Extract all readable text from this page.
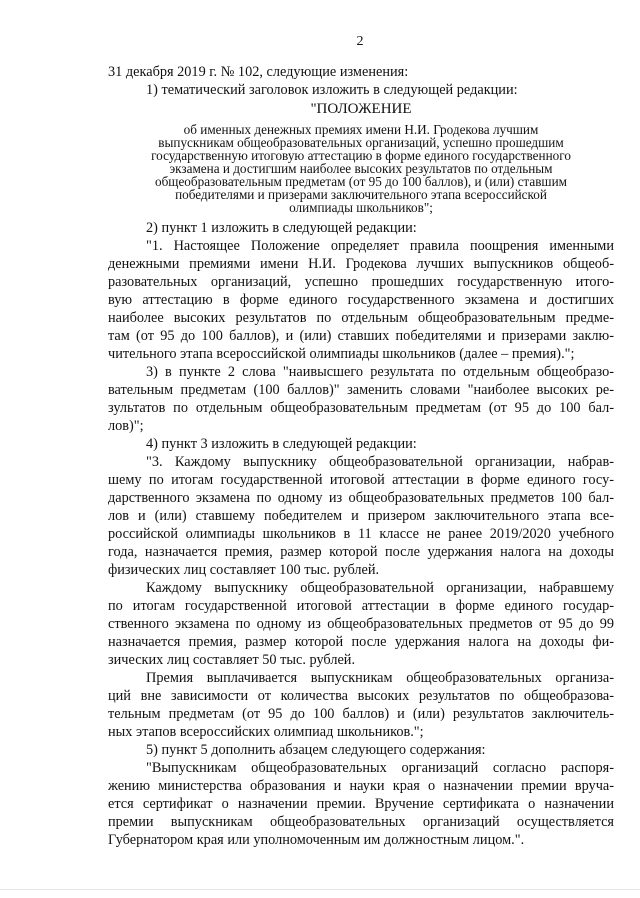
2

31 декабря 2019 г. № 102, следующие изменения:

1) тематический заголовок изложить в следующей редакции:

"ПОЛОЖЕНИЕ

об именных денежных премиях имени Н.И. Гродекова лучшим

выпускникам общеобразовательных организаций, успешно прошедшим

государственную итоговую аттестацию в форме единого государственного

экзамена и достигшим наиболее высоких результатов по отдельным

общеобразовательным предметам (от 95 до 100 баллов), и (или) ставшим

победителями и призерами заключительного этапа всероссийской

олимпиады школьников";

2) пункт 1 изложить в следующей редакции:

"1. Настоящее Положение определяет правила поощрения именными

денежными премиями имени Н.И. Гродекова лучших выпускников общеоб-

разовательных организаций, успешно прошедших государственную итого-

вую аттестацию в форме единого государственного экзамена и достигших

наиболее высоких результатов по отдельным общеобразовательным предме-

там (от 95 до 100 баллов), и (или) ставших победителями и призерами заклю-

чительного этапа всероссийской олимпиады школьников (далее – премия).";

3) в пункте 2 слова "наивысшего результата по отдельным общеобразо-

вательным предметам (100 баллов)" заменить словами "наиболее высоких ре-

зультатов по отдельным общеобразовательным предметам (от 95 до 100 бал-

лов)";

4) пункт 3 изложить в следующей редакции:

"3. Каждому выпускнику общеобразовательной организации, набрав-

шему по итогам государственной итоговой аттестации в форме единого госу-

дарственного экзамена по одному из общеобразовательных предметов 100 бал-

лов и (или) ставшему победителем и призером заключительного этапа все-

российской олимпиады школьников в 11 классе не ранее 2019/2020 учебного

года, назначается премия, размер которой после удержания налога на доходы

физических лиц составляет 100 тыс. рублей.

Каждому выпускнику общеобразовательной организации, набравшему

по итогам государственной итоговой аттестации в форме единого государ-

ственного экзамена по одному из общеобразовательных предметов от 95 до 99

назначается премия, размер которой после удержания налога на доходы фи-

зических лиц составляет 50 тыс. рублей.

Премия выплачивается выпускникам общеобразовательных организа-

ций вне зависимости от количества высоких результатов по общеобразова-

тельным предметам (от 95 до 100 баллов) и (или) результатов заключитель-

ных этапов всероссийских олимпиад школьников.";

5) пункт 5 дополнить абзацем следующего содержания:

"Выпускникам общеобразовательных организаций согласно распоря-

жению министерства образования и науки края о назначении премии вруча-

ется сертификат о назначении премии. Вручение сертификата о назначении

премии выпускникам общеобразовательных организаций осуществляется

Губернатором края или уполномоченным им должностным лицом.".
